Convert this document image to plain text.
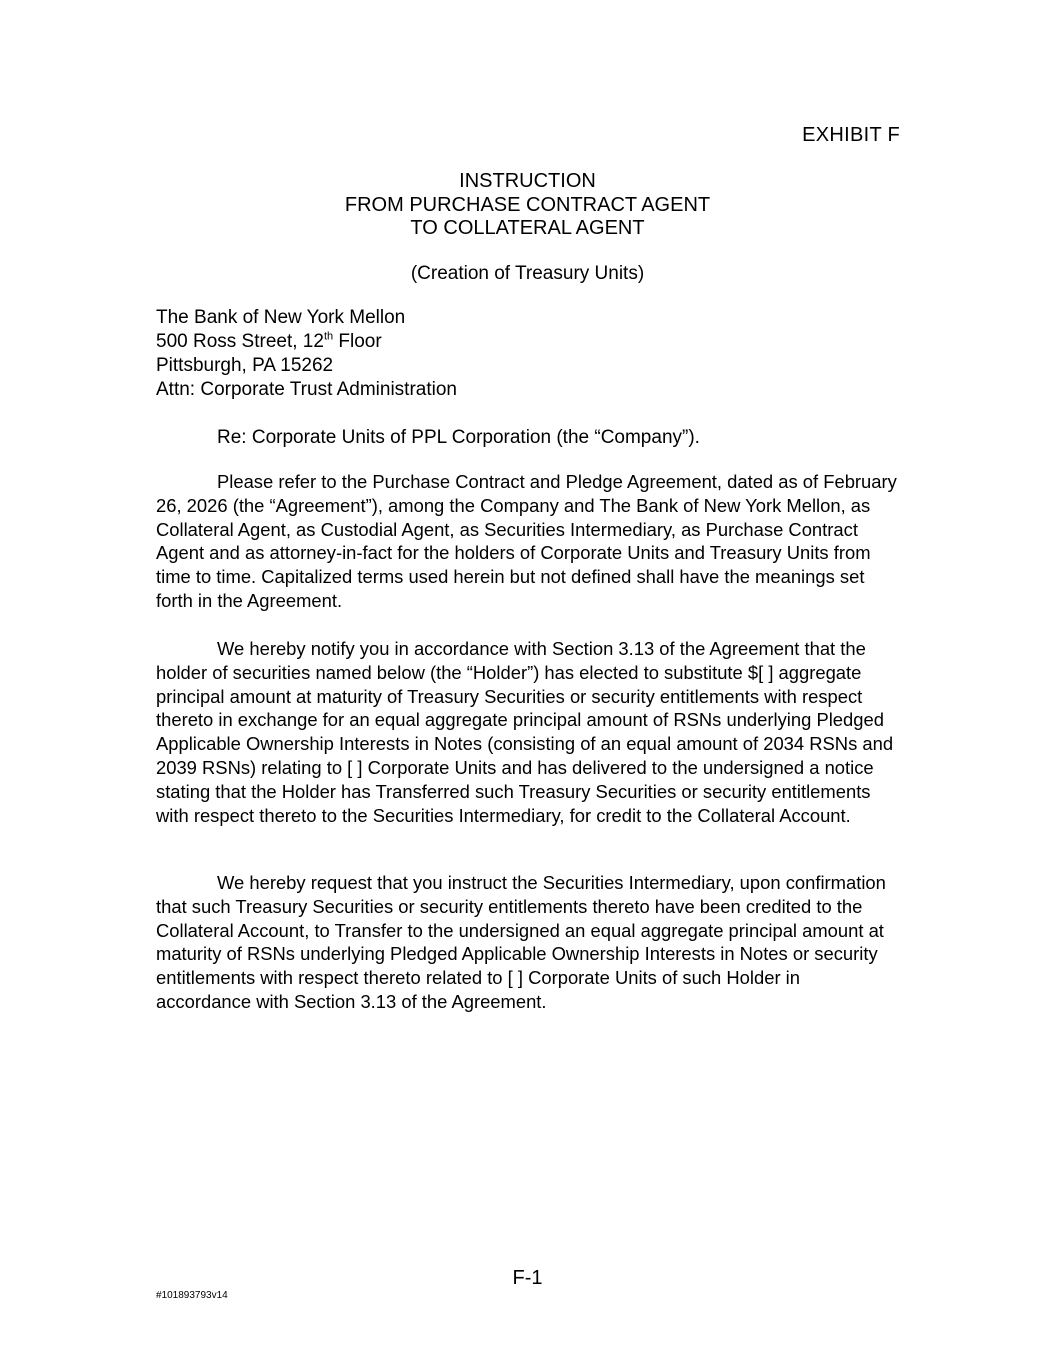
EXHIBIT F
INSTRUCTION
FROM PURCHASE CONTRACT AGENT
TO COLLATERAL AGENT
(Creation of Treasury Units)
The Bank of New York Mellon
500 Ross Street, 12th Floor
Pittsburgh, PA 15262
Attn: Corporate Trust Administration
Re: Corporate Units of PPL Corporation (the “Company”).

Please refer to the Purchase Contract and Pledge Agreement, dated as of February 26, 2026 (the “Agreement”), among the Company and The Bank of New York Mellon, as Collateral Agent, as Custodial Agent, as Securities Intermediary, as Purchase Contract Agent and as attorney-in-fact for the holders of Corporate Units and Treasury Units from time to time. Capitalized terms used herein but not defined shall have the meanings set forth in the Agreement.

We hereby notify you in accordance with Section 3.13 of the Agreement that the holder of securities named below (the “Holder”) has elected to substitute $[ ] aggregate principal amount at maturity of Treasury Securities or security entitlements with respect thereto in exchange for an equal aggregate principal amount of RSNs underlying Pledged Applicable Ownership Interests in Notes (consisting of an equal amount of 2034 RSNs and 2039 RSNs) relating to [ ] Corporate Units and has delivered to the undersigned a notice stating that the Holder has Transferred such Treasury Securities or security entitlements with respect thereto to the Securities Intermediary, for credit to the Collateral Account.

We hereby request that you instruct the Securities Intermediary, upon confirmation that such Treasury Securities or security entitlements thereto have been credited to the Collateral Account, to Transfer to the undersigned an equal aggregate principal amount at maturity of RSNs underlying Pledged Applicable Ownership Interests in Notes or security entitlements with respect thereto related to [ ] Corporate Units of such Holder in accordance with Section 3.13 of the Agreement.

F-1
#101893793v14
